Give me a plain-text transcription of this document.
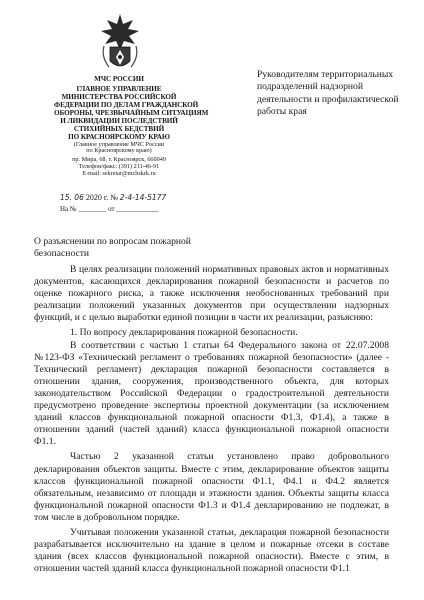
МЧС РОССИИ
ГЛАВНОЕ УПРАВЛЕНИЕ
МИНИСТЕРСТВА РОССИЙСКОЙ
ФЕДЕРАЦИИ ПО ДЕЛАМ ГРАЖДАНСКОЙ
ОБОРОНЫ, ЧРЕЗВЫЧАЙНЫМ СИТУАЦИЯМ
И ЛИКВИДАЦИИ ПОСЛЕДСТВИЙ
СТИХИЙНЫХ БЕДСТВИЙ
ПО КРАСНОЯРСКОМУ КРАЮ
(Главное управление МЧС России
по Красноярскому краю)
пр. Мира, 68, г. Красноярск, 660049
Телефон/факс: (391) 211-46-91
E-mail: sekretar@mchskrk.ru
15. 06 2020 г. № 2-4-14-5177
На № ________ от ____________
Руководителям территориальных подразделений надзорной деятельности и профилактической работы края
О разъяснении по вопросам пожарной безопасности

В целях реализации положений нормативных правовых актов и нормативных документов, касающихся декларирования пожарной безопасности и расчетов по оценке пожарного риска, а также исключения необоснованных требований при реализации положений указанных документов при осуществлении надзорных функций, и с целью выработки единой позиции в части их реализации, разъясняю:

1. По вопросу декларирования пожарной безопасности.

В соответствии с частью 1 статьи 64 Федерального закона от 22.07.2008 №123-ФЗ «Технический регламент о требованиях пожарной безопасности» (далее - Технический регламент) декларация пожарной безопасности составляется в отношении здания, сооружения, производственного объекта, для которых законодательством Российской Федерации о градостроительной деятельности предусмотрено проведение экспертизы проектной документации (за исключением зданий классов функциональной пожарной опасности Ф1.3, Ф1.4), а также в отношении зданий (частей зданий) класса функциональной пожарной опасности Ф1.1.

Частью 2 указанной статьи установлено право добровольного декларирования объектов защиты. Вместе с этим, декларирование объектов защиты классов функциональной пожарной опасности Ф1.1, Ф4.1 и Ф4.2 является обязательным, независимо от площади и этажности здания. Объекты защиты класса функциональной пожарной опасности Ф1.3 и Ф1.4 декларированию не подлежат, в том числе в добровольном порядке.

Учитывая положения указанной статьи, декларация пожарной безопасности разрабатывается исключительно на здание в целом и пожарные отсеки в составе здания (всех классов функциональной пожарной опасности). Вместе с этим, в отношении частей зданий класса функциональной пожарной опасности Ф1.1
